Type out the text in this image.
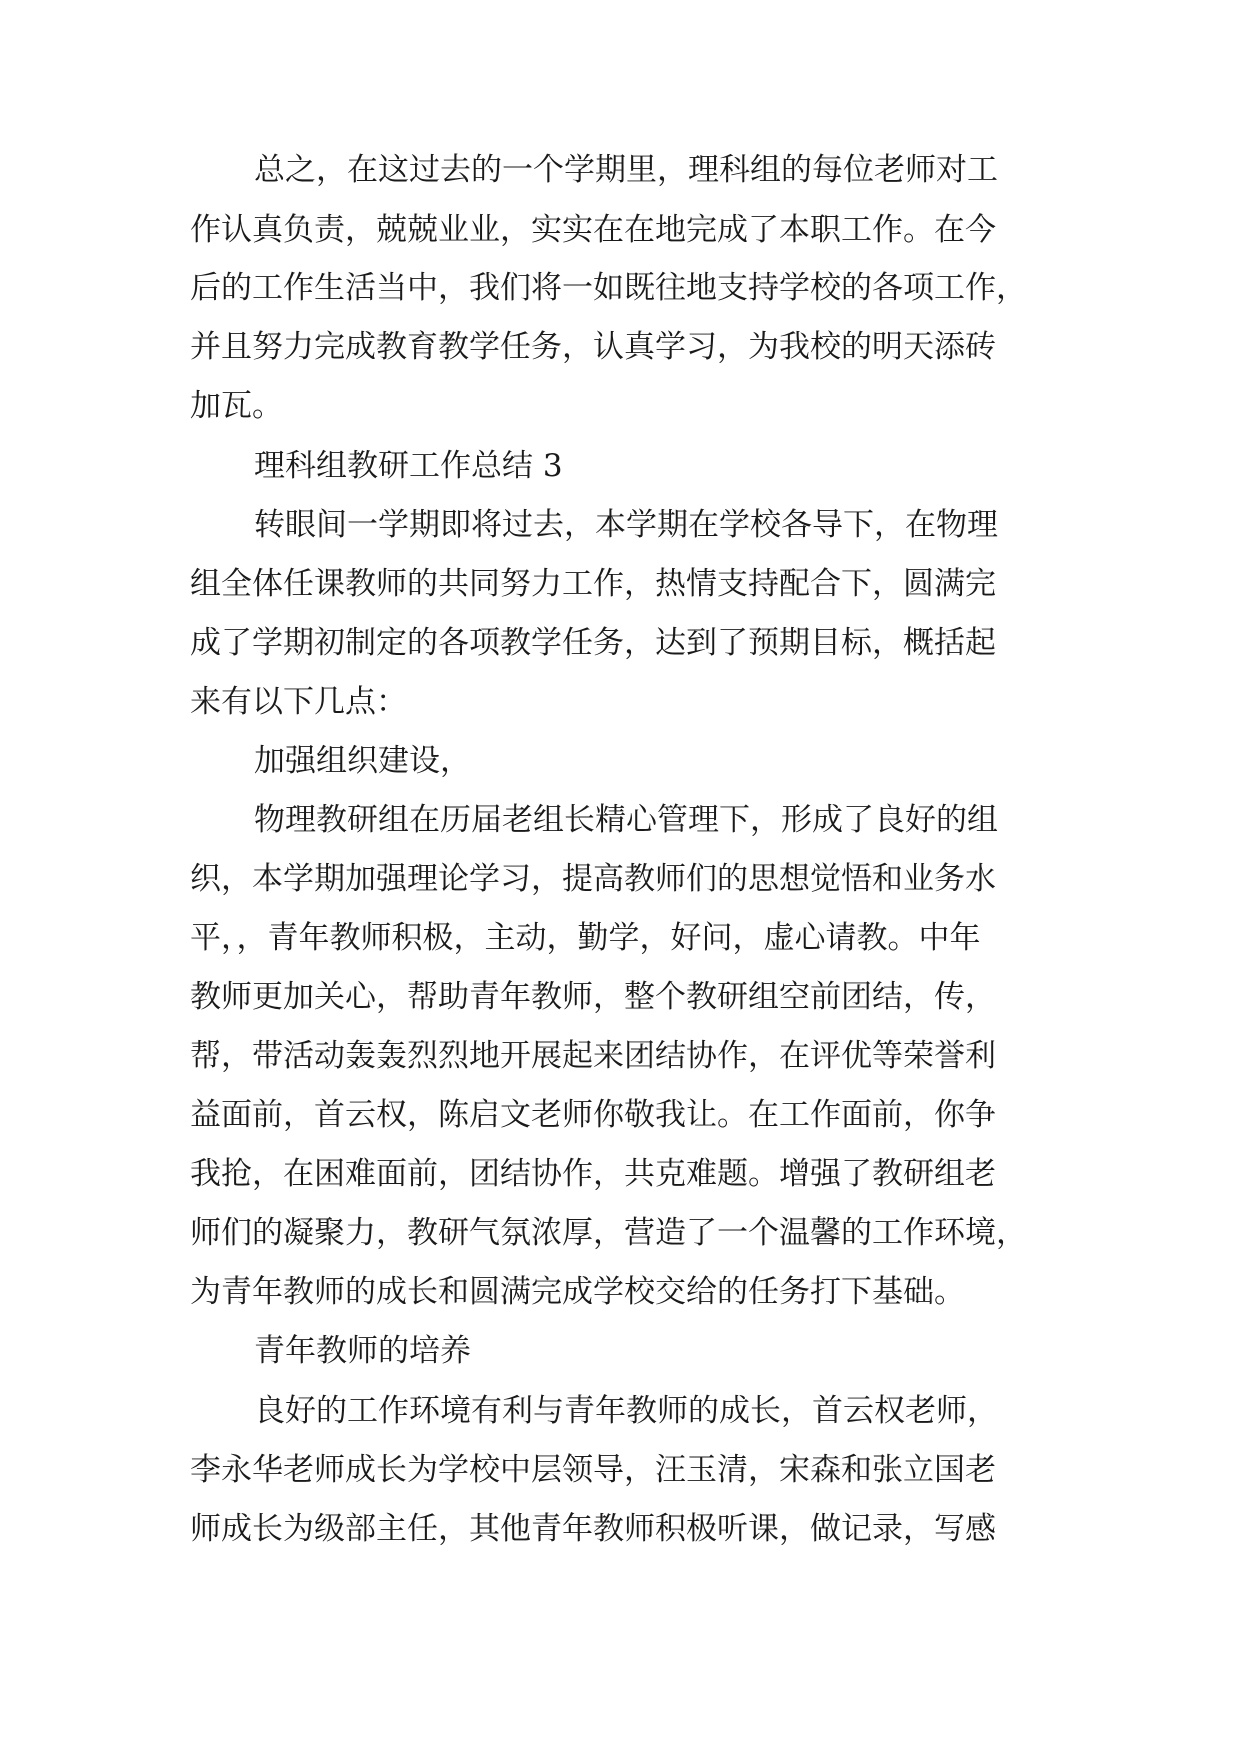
总之，在这过去的一个学期里，理科组的每位老师对工
作认真负责，兢兢业业，实实在在地完成了本职工作。在今
后的工作生活当中，我们将一如既往地支持学校的各项工作，
并且努力完成教育教学任务，认真学习，为我校的明天添砖
加瓦。
理科组教研工作总结 3
转眼间一学期即将过去，本学期在学校各导下，在物理
组全体任课教师的共同努力工作，热情支持配合下，圆满完
成了学期初制定的各项教学任务，达到了预期目标，概括起
来有以下几点：
加强组织建设，
物理教研组在历届老组长精心管理下，形成了良好的组
织，本学期加强理论学习，提高教师们的思想觉悟和业务水
平，，青年教师积极，主动，勤学，好问，虚心请教。中年
教师更加关心，帮助青年教师，整个教研组空前团结，传，
帮，带活动轰轰烈烈地开展起来团结协作，在评优等荣誉利
益面前，首云权，陈启文老师你敬我让。在工作面前，你争
我抢，在困难面前，团结协作，共克难题。增强了教研组老
师们的凝聚力，教研气氛浓厚，营造了一个温馨的工作环境，
为青年教师的成长和圆满完成学校交给的任务打下基础。
青年教师的培养
良好的工作环境有利与青年教师的成长，首云权老师，
李永华老师成长为学校中层领导，汪玉清，宋森和张立国老
师成长为级部主任，其他青年教师积极听课，做记录，写感
